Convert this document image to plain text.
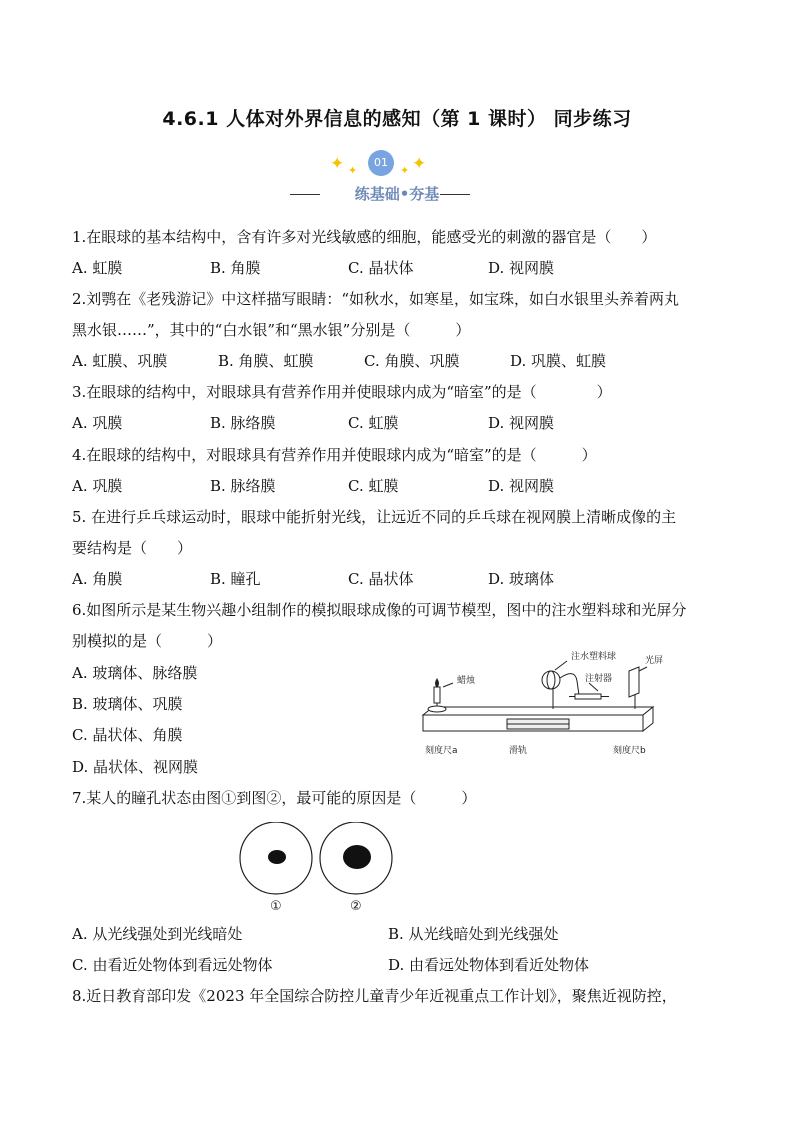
4.6.1 人体对外界信息的感知（第 1 课时） 同步练习
✦ ✦
01
✦ ✦
练基础•夯基
1.在眼球的基本结构中，含有许多对光线敏感的细胞，能感受光的刺激的器官是（　　）
A. 虹膜	B. 角膜	C. 晶状体	D. 视网膜
2.刘鹗在《老残游记》中这样描写眼睛：“如秋水，如寒星，如宝珠，如白水银里头养着两丸
黑水银……”，其中的“白水银”和“黑水银”分别是（　　　）
A. 虹膜、巩膜	B. 角膜、虹膜	C. 角膜、巩膜	D. 巩膜、虹膜
3.在眼球的结构中，对眼球具有营养作用并使眼球内成为“暗室”的是（　　　　）
A. 巩膜	B. 脉络膜	C. 虹膜	D. 视网膜
4.在眼球的结构中，对眼球具有营养作用并使眼球内成为“暗室”的是（　　　）
A. 巩膜	B. 脉络膜	C. 虹膜	D. 视网膜
5. 在进行乒乓球运动时，眼球中能折射光线，让远近不同的乒乓球在视网膜上清晰成像的主
要结构是（　　）
A. 角膜	B. 瞳孔	C. 晶状体	D. 玻璃体
6.如图所示是某生物兴趣小组制作的模拟眼球成像的可调节模型，图中的注水塑料球和光屏分
别模拟的是（　　　）
A. 玻璃体、脉络膜
B. 玻璃体、巩膜
C. 晶状体、角膜
D. 晶状体、视网膜
注水塑料球	光屏
蜡烛	注射器
刻度尺a	滑轨	刻度尺b
7.某人的瞳孔状态由图①到图②，最可能的原因是（　　　）
①	②
A. 从光线强处到光线暗处	B. 从光线暗处到光线强处
C. 由看近处物体到看远处物体	D. 由看远处物体到看近处物体
8.近日教育部印发《2023 年全国综合防控儿童青少年近视重点工作计划》，聚焦近视防控，
